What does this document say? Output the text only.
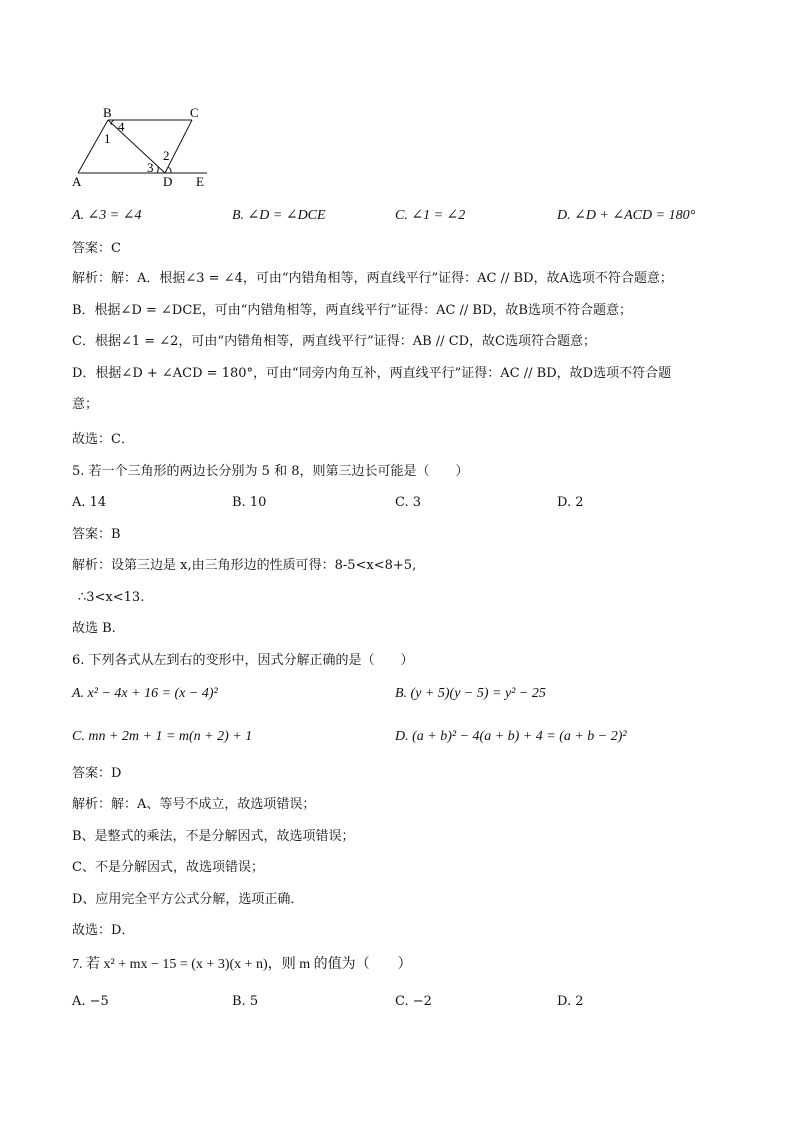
B	C
A	D E
4
1
2
3
A. ∠3 = ∠4	B. ∠D = ∠DCE	C. ∠1 = ∠2	D. ∠D + ∠ACD = 180°
答案：C
解析：解：A．根据∠3 = ∠4，可由“内错角相等，两直线平行”证得：AC // BD，故A选项不符合题意；
B．根据∠D = ∠DCE，可由“内错角相等，两直线平行”证得：AC // BD，故B选项不符合题意；
C．根据∠1 = ∠2，可由“内错角相等，两直线平行”证得：AB // CD，故C选项符合题意；
D．根据∠D + ∠ACD = 180°，可由“同旁内角互补，两直线平行”证得：AC // BD，故D选项不符合题
意；
故选：C．
5. 若一个三角形的两边长分别为 5 和 8，则第三边长可能是（　　）
A. 14	B. 10	C. 3	D. 2
答案：B
解析：设第三边是 x,由三角形边的性质可得：8-5<x<8+5,
∴3<x<13.
故选 B.
6. 下列各式从左到右的变形中，因式分解正确的是（　　）
A. x² − 4x + 16 = (x − 4)²	B. (y + 5)(y − 5) = y² − 25
C. mn + 2m + 1 = m(n + 2) + 1	D. (a + b)² − 4(a + b) + 4 = (a + b − 2)²
答案：D
解析：解：A、等号不成立，故选项错误；
B、是整式的乘法，不是分解因式，故选项错误；
C、不是分解因式，故选项错误；
D、应用完全平方公式分解，选项正确．
故选：D．
7. 若 x² + mx − 15 = (x + 3)(x + n)，则 m 的值为（　　）
A. −5	B. 5	C. −2	D. 2
